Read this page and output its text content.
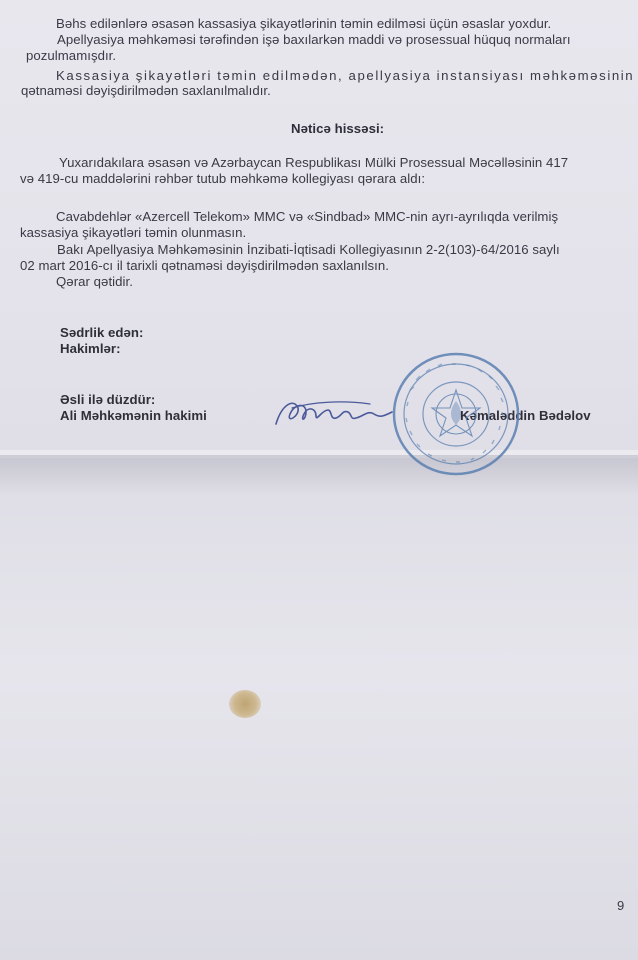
Bəhs edilənlərə əsasən kassasiya şikayətlərinin təmin edilməsi üçün əsaslar yoxdur.
Apellyasiya məhkəməsi tərəfindən işə baxılarkən maddi və prosessual hüquq normaları
pozulmamışdır.
Kassasiya şikayətləri təmin edilmədən, apellyasiya instansiyası məhkəməsinin
qətnaməsi dəyişdirilmədən saxlanılmalıdır.
Nəticə hissəsi:
Yuxarıdakılara əsasən və Azərbaycan Respublikası Mülki Prosessual Məcəlləsinin 417
və 419-cu maddələrini rəhbər tutub məhkəmə kollegiyası qərara aldı:
Cavabdehlər «Azercell Telekom» MMC və «Sindbad» MMC-nin ayrı-ayrılıqda verilmiş
kassasiya şikayətləri təmin olunmasın.
Bakı Apellyasiya Məhkəməsinin İnzibati-İqtisadi Kollegiyasının 2-2(103)-64/2016 saylı
02 mart 2016-cı il tarixli qətnaməsi dəyişdirilmədən saxlanılsın.
Qərar qətidir.
Sədrlik edən:
Hakimlər:
Əsli ilə düzdür:
Ali Məhkəmənin hakimi	Kəmaləddin Bədəlov
9
